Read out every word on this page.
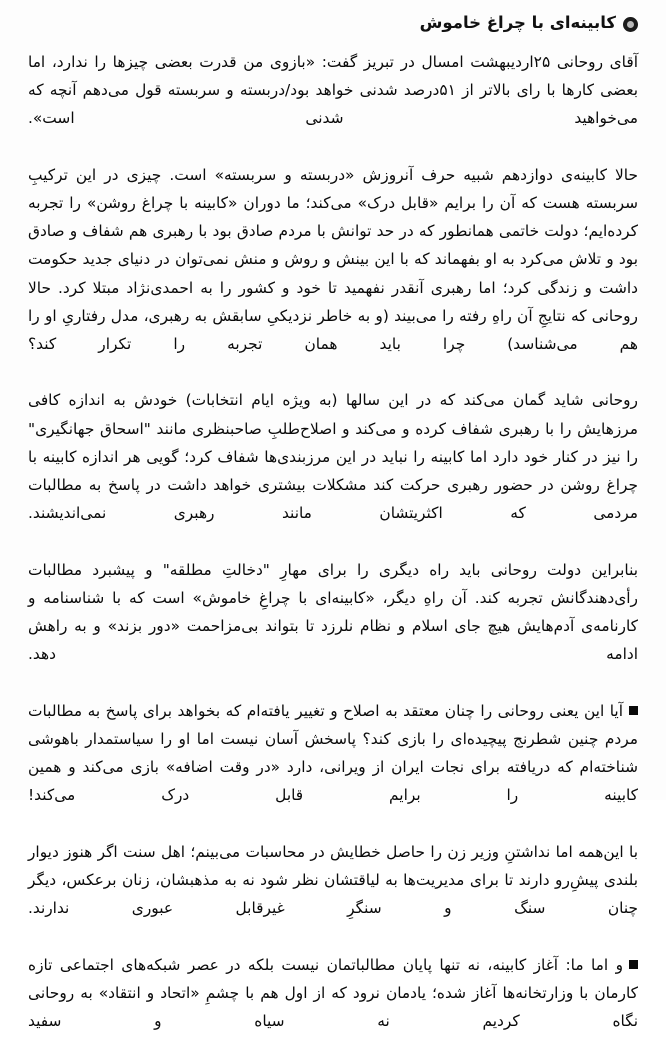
کابینه‌ای با چراغ خاموش

آقای روحانی ۲۵اردیبهشت امسال در تبریز گفت: «بازوی من قدرت بعضی چیزها را ندارد، اما بعضی کارها با رای بالاتر از ۵۱درصد شدنی خواهد بود/دربسته و سربسته قول می‌دهم آنچه که می‌خواهید شدنی است».

حالا کابینه‌ی دوازدهم شبیه حرف آنروزش «دربسته و سربسته» است. چیزی در این ترکیبِ سربسته هست که آن را برایم «قابل درک» می‌کند؛ ما دوران «کابینه با چراغ روشن» را تجربه کرده‌ایم؛ دولت خاتمی همانطور که در حد توانش با مردم صادق بود با رهبری هم شفاف و صادق بود و تلاش می‌کرد به او بفهماند که با این بینش و روش و منش نمی‌توان در دنیای جدید حکومت داشت و زندگی کرد؛ اما رهبری آنقدر نفهمید تا خود و کشور را به احمدی‌نژاد مبتلا کرد. حالا روحانی که نتایجِ آن راهِ رفته را می‌بیند (و به خاطر نزدیکیِ سابقش به رهبری، مدل رفتاریِ او را هم می‌شناسد) چرا باید همان تجربه را تکرار کند؟

روحانی شاید گمان می‌کند که در این سالها (به ویژه ایام انتخابات) خودش به اندازه کافی مرزهایش را با رهبری شفاف کرده و می‌کند و اصلاح‌طلبِ صاحبنظری مانند "اسحاق جهانگیری" را نیز در کنار خود دارد اما کابینه را نباید در این مرزبندی‌ها شفاف کرد؛ گویی هر اندازه کابینه با چراغ روشن در حضور رهبری حرکت کند مشکلات بیشتری خواهد داشت در پاسخ به مطالبات مردمی که اکثریتشان مانند رهبری نمی‌اندیشند.

بنابراین دولت روحانی باید راه دیگری را برای مهارِ "دخالتِ مطلقه" و پیشبرد مطالبات رأی‌دهندگانش تجربه کند. آن راهِ دیگر، «کابینه‌ای با چراغِ خاموش» است که با شناسنامه و کارنامه‌ی آدم‌هایش هیچ جای اسلام و نظام نلرزد تا بتواند بی‌مزاحمت «دور بزند» و به راهش ادامه دهد.

آیا این یعنی روحانی را چنان معتقد به اصلاح و تغییر یافته‌ام که بخواهد برای پاسخ به مطالبات مردم چنین شطرنج پیچیده‌ای را بازی کند؟ پاسخش آسان نیست اما او را سیاستمدار باهوشی شناخته‌ام که دریافته برای نجات ایران از ویرانی، دارد «در وقت اضافه» بازی می‌کند و همین کابینه را برایم قابل درک می‌کند!

با این‌همه اما نداشتنِ وزیر زن را حاصل خطایش در محاسبات می‌بینم؛ اهل سنت اگر هنوز دیوار بلندی پیشِ‌رو دارند تا برای مدیریت‌ها به لیاقتشان نظر شود نه به مذهبشان، زنان برعکس، دیگر چنان سنگ و سنگرِ غیرقابل عبوری ندارند.

و اما ما: آغاز کابینه، نه تنها پایان مطالباتمان نیست بلکه در عصر شبکه‌های اجتماعی تازه کارمان با وزارتخانه‌ها آغاز شده؛ یادمان نرود که از اول هم با چشمِ «اتحاد و انتقاد» به روحانی نگاه کردیم نه سیاه و سفید
